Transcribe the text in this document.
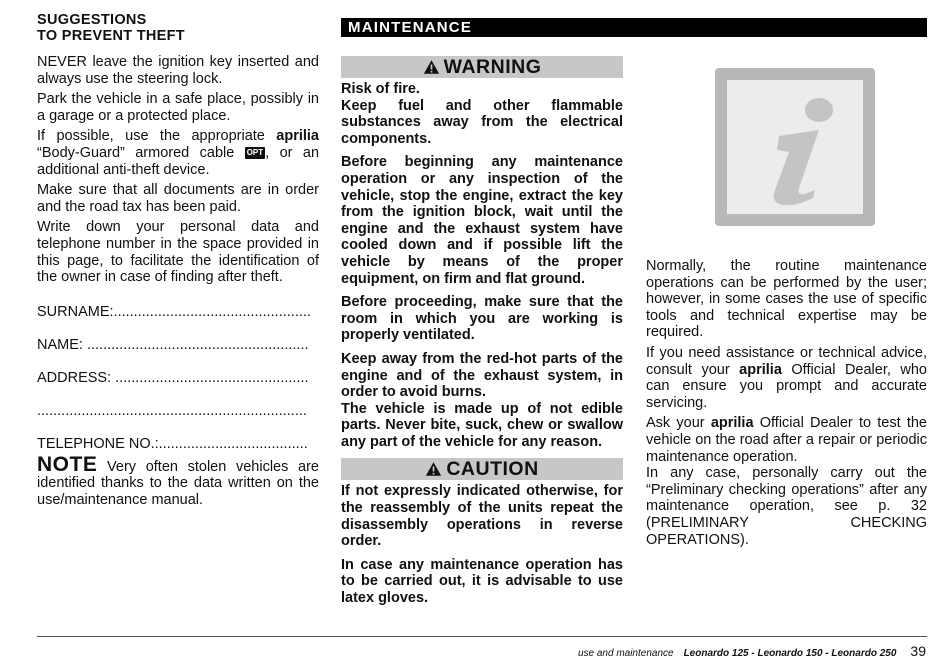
SUGGESTIONS
TO PREVENT THEFT

NEVER leave the ignition key inserted and always use the steering lock.

Park the vehicle in a safe place, possibly in a garage or a protected place.

If possible, use the appropriate aprilia “Body-Guard” armored cable OPT , or an additional anti-theft device.

Make sure that all documents are in order and the road tax has been paid.

Write down your personal data and telephone number in the space provided in this page, to facilitate the identification of the owner in case of finding after theft.

SURNAME:.................................................
NAME: .......................................................
ADDRESS: ................................................
...................................................................
TELEPHONE NO.:.....................................

NOTE Very often stolen vehicles are identified thanks to the data written on the use/maintenance manual.

MAINTENANCE
WARNING

Risk of fire.

Keep fuel and other flammable substances away from the electrical components.

Before beginning any maintenance operation or any inspection of the vehicle, stop the engine, extract the key from the ignition block, wait until the engine and the exhaust system have cooled down and if possible lift the vehicle by means of the proper equipment, on firm and flat ground.

Before proceeding, make sure that the room in which you are working is properly ventilated.

Keep away from the red-hot parts of the engine and of the exhaust system, in order to avoid burns.

The vehicle is made up of not edible parts. Never bite, suck, chew or swallow any part of the vehicle for any reason.

CAUTION

If not expressly indicated otherwise, for the reassembly of the units repeat the disassembly operations in reverse order.

In case any maintenance operation has to be carried out, it is advisable to use latex gloves.

Normally, the routine maintenance operations can be performed by the user; however, in some cases the use of specific tools and technical expertise may be required.

If you need assistance or technical advice, consult your aprilia Official Dealer, who can ensure you prompt and accurate servicing.

Ask your aprilia Official Dealer to test the vehicle on the road after a repair or periodic maintenance operation.

In any case, personally carry out the “Preliminary checking operations” after any maintenance operation, see p. 32 (PRELIMINARY CHECKING OPERATIONS).

use and maintenance Leonardo 125 - Leonardo 150 - Leonardo 250 39
